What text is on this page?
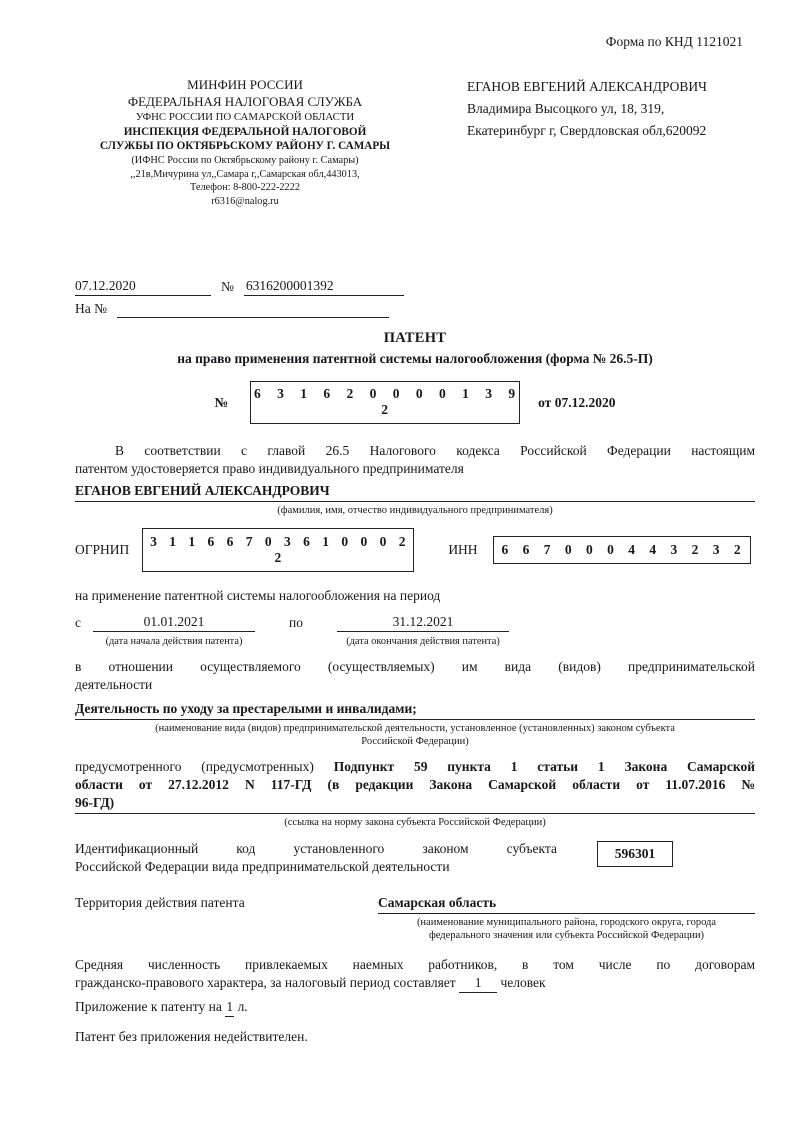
Форма по КНД 1121021
МИНФИН РОССИИ
ФЕДЕРАЛЬНАЯ НАЛОГОВАЯ СЛУЖБА
УФНС РОССИИ ПО САМАРСКОЙ ОБЛАСТИ
ИНСПЕКЦИЯ ФЕДЕРАЛЬНОЙ НАЛОГОВОЙ
СЛУЖБЫ ПО ОКТЯБРЬСКОМУ РАЙОНУ Г. САМАРЫ
(ИФНС России по Октябрьскому району г. Самары)
,,21в,Мичурина ул,,Самара г,,Самарская обл,443013,
Телефон: 8-800-222-2222
r6316@nalog.ru
ЕГАНОВ ЕВГЕНИЙ АЛЕКСАНДРОВИЧ
Владимира Высоцкого ул, 18, 319,
Екатеринбург г, Свердловская обл,620092
07.12.2020	№ 6316200001392
На №
ПАТЕНТ
на право применения патентной системы налогообложения (форма № 26.5-П)
№
6 3 1 6 2 0 0 0 0 1 3 9 2	от 07.12.2020
В соответствии с главой 26.5 Налогового кодекса Российской Федерации настоящим
патентом удостоверяется право индивидуального предпринимателя
ЕГАНОВ ЕВГЕНИЙ АЛЕКСАНДРОВИЧ
(фамилия, имя, отчество индивидуального предпринимателя)
ОГРНИП
3 1 1 6 6 7 0 3 6 1 0 0 0 2 2
ИНН	6 6 7 0 0 0 4 4 3 2 3 2
на применение патентной системы налогообложения на период
с	01.01.2021
(дата начала действия патента)
по	31.12.2021
(дата окончания действия патента)
в отношении осуществляемого (осуществляемых) им вида (видов) предпринимательской
деятельности
Деятельность по уходу за престарелыми и инвалидами;
(наименование вида (видов) предпринимательской деятельности, установленное (установленных) законом субъекта
Российской Федерации)
предусмотренного (предусмотренных) Подпункт 59 пункта 1 статьи 1 Закона Самарской
области от 27.12.2012 N 117-ГД (в редакции Закона Самарской области от 11.07.2016 №
96-ГД)
(ссылка на норму закона субъекта Российской Федерации)
Идентификационный код установленного законом субъекта
Российской Федерации вида предпринимательской деятельности
596301
Территория действия патента	Самарская область
(наименование муниципального района, городского округа, города
федерального значения или субъекта Российской Федерации)
Средняя численность привлекаемых наемных работников, в том числе по договорам
гражданско-правового характера, за налоговый период составляет 1 человек
Приложение к патенту на 1 л.
Патент без приложения недействителен.
